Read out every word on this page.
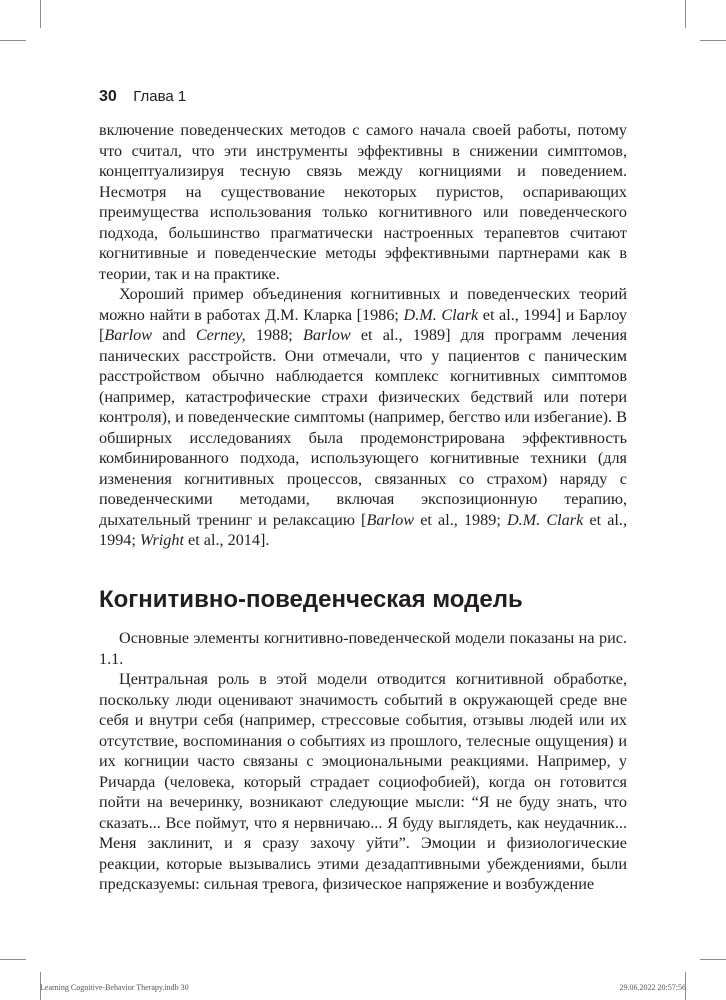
30 Глава 1

включение поведенческих методов с самого начала своей работы, потому что считал, что эти инструменты эффективны в снижении симптомов, концептуализируя тесную связь между когнициями и поведением. Несмотря на существование некоторых пуристов, оспаривающих преимущества использования только когнитивного или поведенческого подхода, большинство прагматически настроенных терапевтов считают когнитивные и поведенческие методы эффективными партнерами как в теории, так и на практике.

Хороший пример объединения когнитивных и поведенческих теорий можно найти в работах Д.М. Кларка [1986; D.M. Clark et al., 1994] и Барлоу [Barlow and Cerney, 1988; Barlow et al., 1989] для программ лечения панических расстройств. Они отмечали, что у пациентов с паническим расстройством обычно наблюдается комплекс когнитивных симптомов (например, катастрофические страхи физических бедствий или потери контроля), и поведенческие симптомы (например, бегство или избегание). В обширных исследованиях была продемонстрирована эффективность комбинированного подхода, использующего когнитивные техники (для изменения когнитивных процессов, связанных со страхом) наряду с поведенческими методами, включая экспозиционную терапию, дыхательный тренинг и релаксацию [Barlow et al., 1989; D.M. Clark et al., 1994; Wright et al., 2014].

Когнитивно-поведенческая модель

Основные элементы когнитивно-поведенческой модели показаны на рис. 1.1.

Центральная роль в этой модели отводится когнитивной обработке, поскольку люди оценивают значимость событий в окружающей среде вне себя и внутри себя (например, стрессовые события, отзывы людей или их отсутствие, воспоминания о событиях из прошлого, телесные ощущения) и их когниции часто связаны с эмоциональными реакциями. Например, у Ричарда (человека, который страдает социофобией), когда он готовится пойти на вечеринку, возникают следующие мысли: “Я не буду знать, что сказать... Все поймут, что я нервничаю... Я буду выглядеть, как неудачник... Меня заклинит, и я сразу захочу уйти”. Эмоции и физиологические реакции, которые вызывались этими дезадаптивными убеждениями, были предсказуемы: сильная тревога, физическое напряжение и возбуждение

Learning Cognitive-Behavior Therapy.indb 30	29.06.2022 20:57:56
